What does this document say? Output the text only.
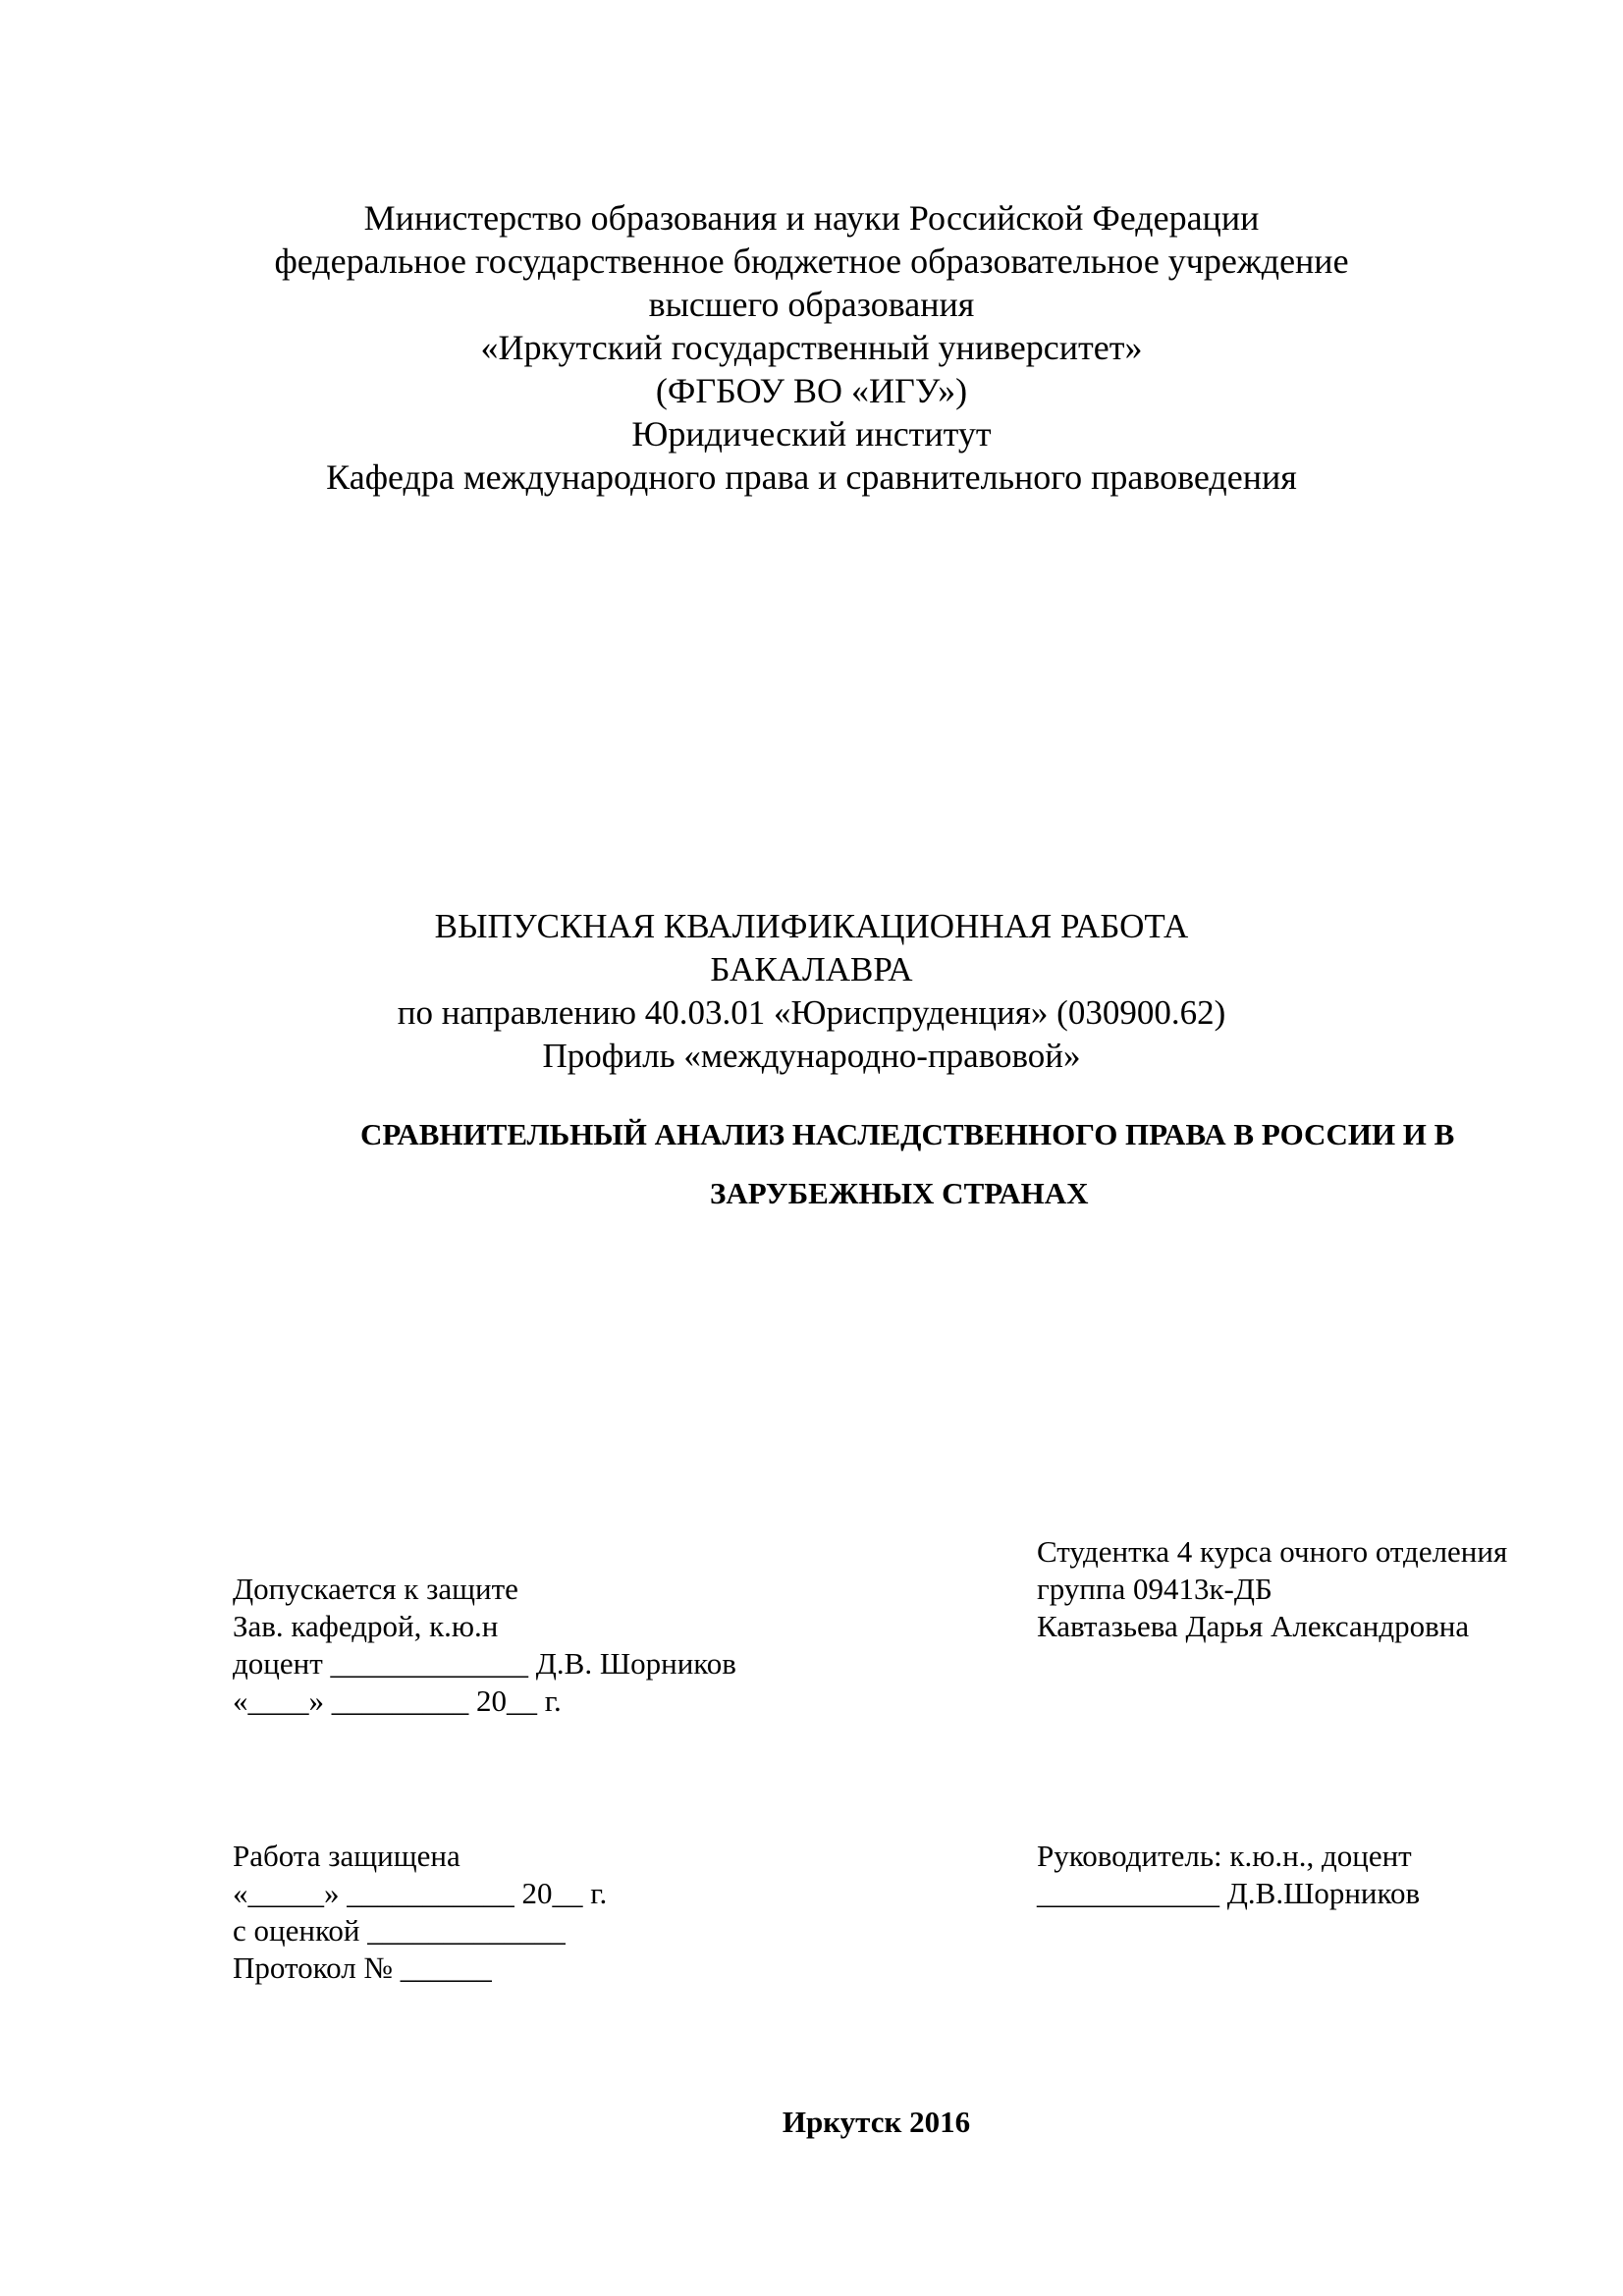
Министерство образования и науки Российской Федерации
федеральное государственное бюджетное образовательное учреждение
высшего образования
«Иркутский государственный университет»
(ФГБОУ ВО «ИГУ»)
Юридический институт
Кафедра международного права и сравнительного правоведения
ВЫПУСКНАЯ КВАЛИФИКАЦИОННАЯ РАБОТА
БАКАЛАВРА
по направлению 40.03.01 «Юриспруденция» (030900.62)
Профиль «международно-правовой»
СРАВНИТЕЛЬНЫЙ АНАЛИЗ НАСЛЕДСТВЕННОГО ПРАВА В РОССИИ И В
ЗАРУБЕЖНЫХ СТРАНАХ
Допускается к защите
Зав. кафедрой, к.ю.н
доцент _____________ Д.В. Шорников
«____» _________ 20__ г.
Студентка 4 курса очного отделения
группа 09413к-ДБ
Кавтазьева Дарья Александровна
Работа защищена
«_____» ___________ 20__ г.
с оценкой _____________
Протокол № ______
Руководитель: к.ю.н., доцент
____________ Д.В.Шорников
Иркутск 2016
